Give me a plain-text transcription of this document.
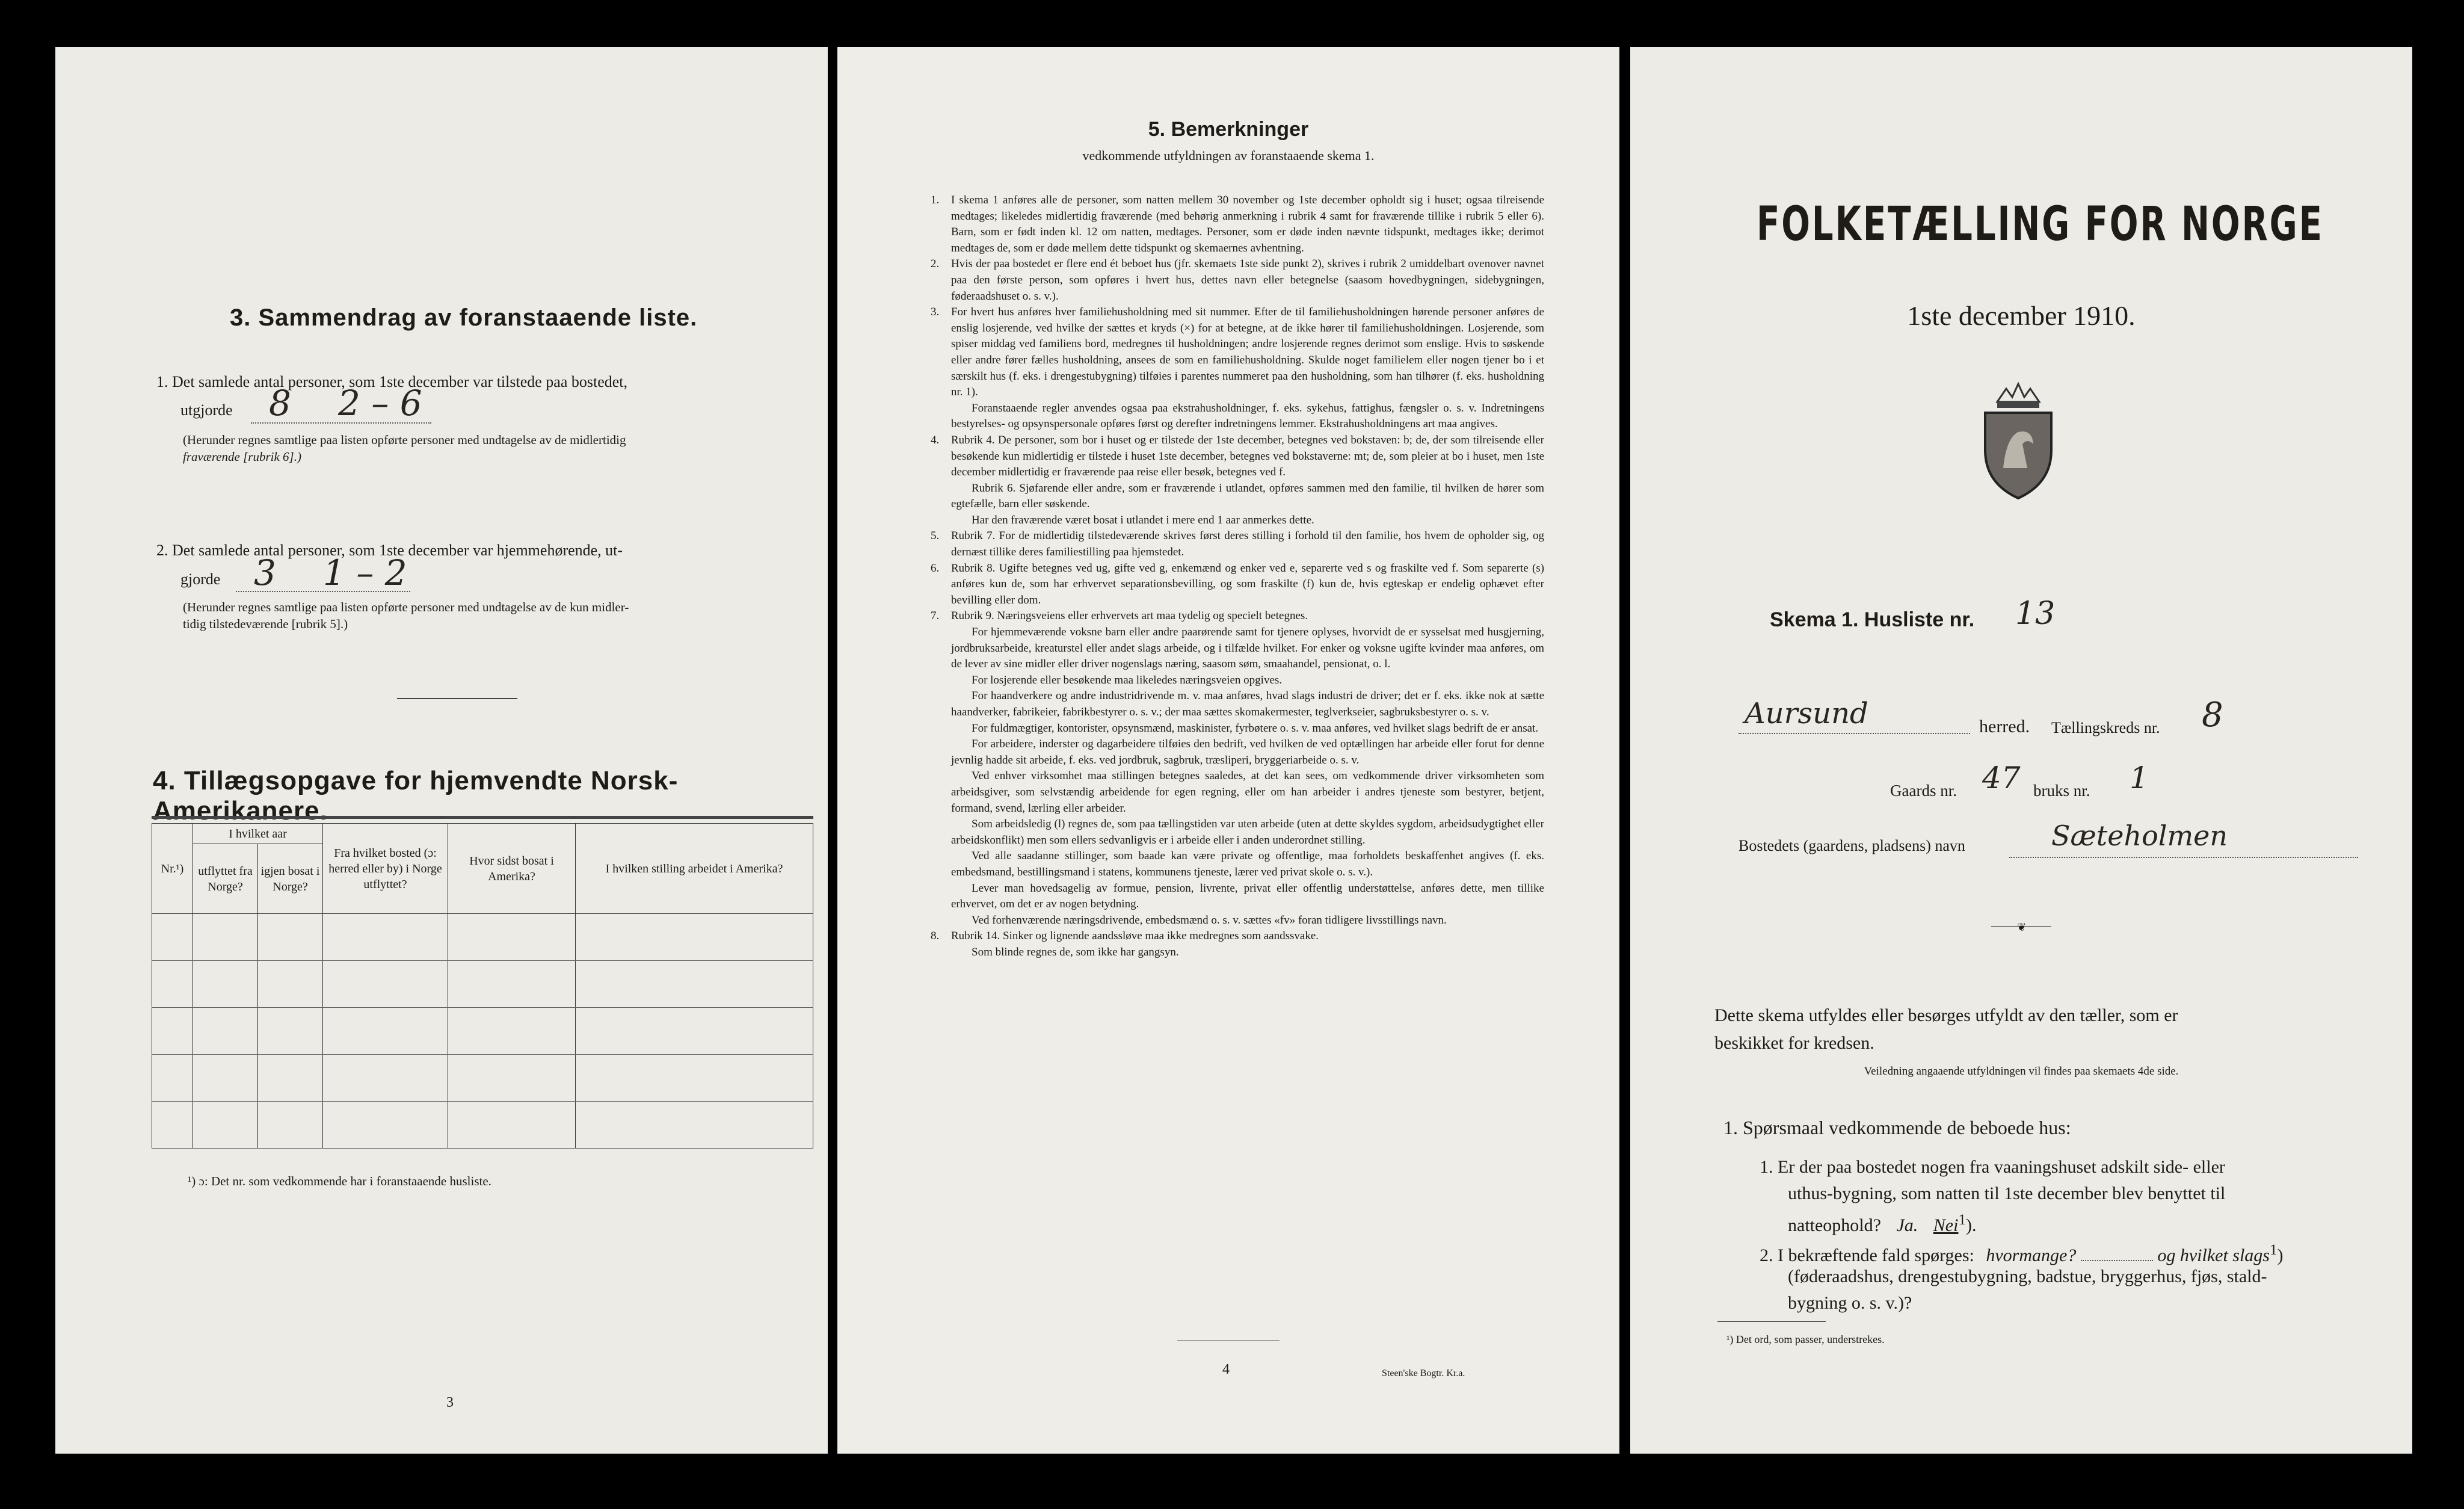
3. Sammendrag av foranstaaende liste.
1. Det samlede antal personer, som 1ste december var tilstede paa bostedet,
utgjorde 8 2 – 6
(Herunder regnes samtlige paa listen opførte personer med undtagelse av de midlertidig
fraværende [rubrik 6].)
2. Det samlede antal personer, som 1ste december var hjemmehørende, ut-
gjorde 3 1 – 2
(Herunder regnes samtlige paa listen opførte personer med undtagelse av de kun midler-
tidig tilstedeværende [rubrik 5].)
4. Tillægsopgave for hjemvendte Norsk-Amerikanere.
Nr.¹)	I hvilket aar		Fra hvilket bosted (ɔ: herred eller by) i Norge utflyttet?	Hvor sidst bosat i Amerika?	I hvilken stilling arbeidet i Amerika?
	utflyttet fra Norge?	igjen bosat i Norge?			

¹) ɔ: Det nr. som vedkommende har i foranstaaende husliste.
3
5. Bemerkninger
vedkommende utfyldningen av foranstaaende skema 1.

1. I skema 1 anføres alle de personer, som natten mellem 30 november og 1ste december opholdt sig i huset; ogsaa tilreisende medtages; likeledes midlertidig fraværende (med behørig anmerkning i rubrik 4 samt for fraværende tillike i rubrik 5 eller 6). Barn, som er født inden kl. 12 om natten, medtages. Personer, som er døde inden nævnte tidspunkt, medtages ikke; derimot medtages de, som er døde mellem dette tidspunkt og skemaernes avhentning.

2. Hvis der paa bostedet er flere end ét beboet hus (jfr. skemaets 1ste side punkt 2), skrives i rubrik 2 umiddelbart ovenover navnet paa den første person, som opføres i hvert hus, dettes navn eller betegnelse (saasom hovedbygningen, sidebygningen, føderaadshuset o. s. v.).

3. For hvert hus anføres hver familiehusholdning med sit nummer. Efter de til familiehusholdningen hørende personer anføres de enslig losjerende, ved hvilke der sættes et kryds (×) for at betegne, at de ikke hører til familiehusholdningen. Losjerende, som spiser middag ved familiens bord, medregnes til husholdningen; andre losjerende regnes derimot som enslige. Hvis to søskende eller andre fører fælles husholdning, ansees de som en familiehusholdning. Skulde noget familielem eller nogen tjener bo i et særskilt hus (f. eks. i drengestubygning) tilføies i parentes nummeret paa den husholdning, som han tilhører (f. eks. husholdning nr. 1).

Foranstaaende regler anvendes ogsaa paa ekstrahusholdninger, f. eks. sykehus, fattighus, fængsler o. s. v. Indretningens bestyrelses- og opsynspersonale opføres først og derefter indretningens lemmer. Ekstrahusholdningens art maa angives.

4. Rubrik 4. De personer, som bor i huset og er tilstede der 1ste december, betegnes ved bokstaven: b; de, der som tilreisende eller besøkende kun midlertidig er tilstede i huset 1ste december, betegnes ved bokstaverne: mt; de, som pleier at bo i huset, men 1ste december midlertidig er fraværende paa reise eller besøk, betegnes ved f.

Rubrik 6. Sjøfarende eller andre, som er fraværende i utlandet, opføres sammen med den familie, til hvilken de hører som egtefælle, barn eller søskende.

Har den fraværende været bosat i utlandet i mere end 1 aar anmerkes dette.

5. Rubrik 7. For de midlertidig tilstedeværende skrives først deres stilling i forhold til den familie, hos hvem de opholder sig, og dernæst tillike deres familiestilling paa hjemstedet.

6. Rubrik 8. Ugifte betegnes ved ug, gifte ved g, enkemænd og enker ved e, separerte ved s og fraskilte ved f. Som separerte (s) anføres kun de, som har erhvervet separationsbevilling, og som fraskilte (f) kun de, hvis egteskap er endelig ophævet efter bevilling eller dom.

7. Rubrik 9. Næringsveiens eller erhvervets art maa tydelig og specielt betegnes.

For hjemmeværende voksne barn eller andre paarørende samt for tjenere oplyses, hvorvidt de er sysselsat med husgjerning, jordbruksarbeide, kreaturstel eller andet slags arbeide, og i tilfælde hvilket. For enker og voksne ugifte kvinder maa anføres, om de lever av sine midler eller driver nogenslags næring, saasom søm, smaahandel, pensionat, o. l.

For losjerende eller besøkende maa likeledes næringsveien opgives.

For haandverkere og andre industridrivende m. v. maa anføres, hvad slags industri de driver; det er f. eks. ikke nok at sætte haandverker, fabrikeier, fabrikbestyrer o. s. v.; der maa sættes skomakermester, teglverkseier, sagbruksbestyrer o. s. v.

For fuldmægtiger, kontorister, opsynsmænd, maskinister, fyrbøtere o. s. v. maa anføres, ved hvilket slags bedrift de er ansat.

For arbeidere, inderster og dagarbeidere tilføies den bedrift, ved hvilken de ved optællingen har arbeide eller forut for denne jevnlig hadde sit arbeide, f. eks. ved jordbruk, sagbruk, træsliperi, bryggeriarbeide o. s. v.

Ved enhver virksomhet maa stillingen betegnes saaledes, at det kan sees, om vedkommende driver virksomheten som arbeidsgiver, som selvstændig arbeidende for egen regning, eller om han arbeider i andres tjeneste som bestyrer, betjent, formand, svend, lærling eller arbeider.

Som arbeidsledig (l) regnes de, som paa tællingstiden var uten arbeide (uten at dette skyldes sygdom, arbeidsudygtighet eller arbeidskonflikt) men som ellers sedvanligvis er i arbeide eller i anden underordnet stilling.

Ved alle saadanne stillinger, som baade kan være private og offentlige, maa forholdets beskaffenhet angives (f. eks. embedsmand, bestillingsmand i statens, kommunens tjeneste, lærer ved privat skole o. s. v.).

Lever man hovedsagelig av formue, pension, livrente, privat eller offentlig understøttelse, anføres dette, men tillike erhvervet, om det er av nogen betydning.

Ved forhenværende næringsdrivende, embedsmænd o. s. v. sættes «fv» foran tidligere livsstillings navn.

8. Rubrik 14. Sinker og lignende aandssløve maa ikke medregnes som aandssvake.

Som blinde regnes de, som ikke har gangsyn.

4	Steen'ske Bogtr. Kr.a.
FOLKETÆLLING FOR NORGE
1ste december 1910.
Skema 1. Husliste nr. 13
Aursund	herred. Tællingskreds nr. 8
Gaards nr. 47 bruks nr. 1
Bostedets (gaardens, pladsens) navn	Sæteholmen
❦
Dette skema utfyldes eller besørges utfyldt av den tæller, som er
beskikket for kredsen.
Veiledning angaaende utfyldningen vil findes paa skemaets 4de side.
1. Spørsmaal vedkommende de beboede hus:
1. Er der paa bostedet nogen fra vaaningshuset adskilt side- eller
uthus-bygning, som natten til 1ste december blev benyttet til
natteophold? Ja. Nei$^1$).
2. I bekræftende fald spørges: hvormange?	og hvilket slags$^1$)
(føderaadshus, drengestubygning, badstue, bryggerhus, fjøs, stald-
bygning o. s. v.)?
¹) Det ord, som passer, understrekes.
